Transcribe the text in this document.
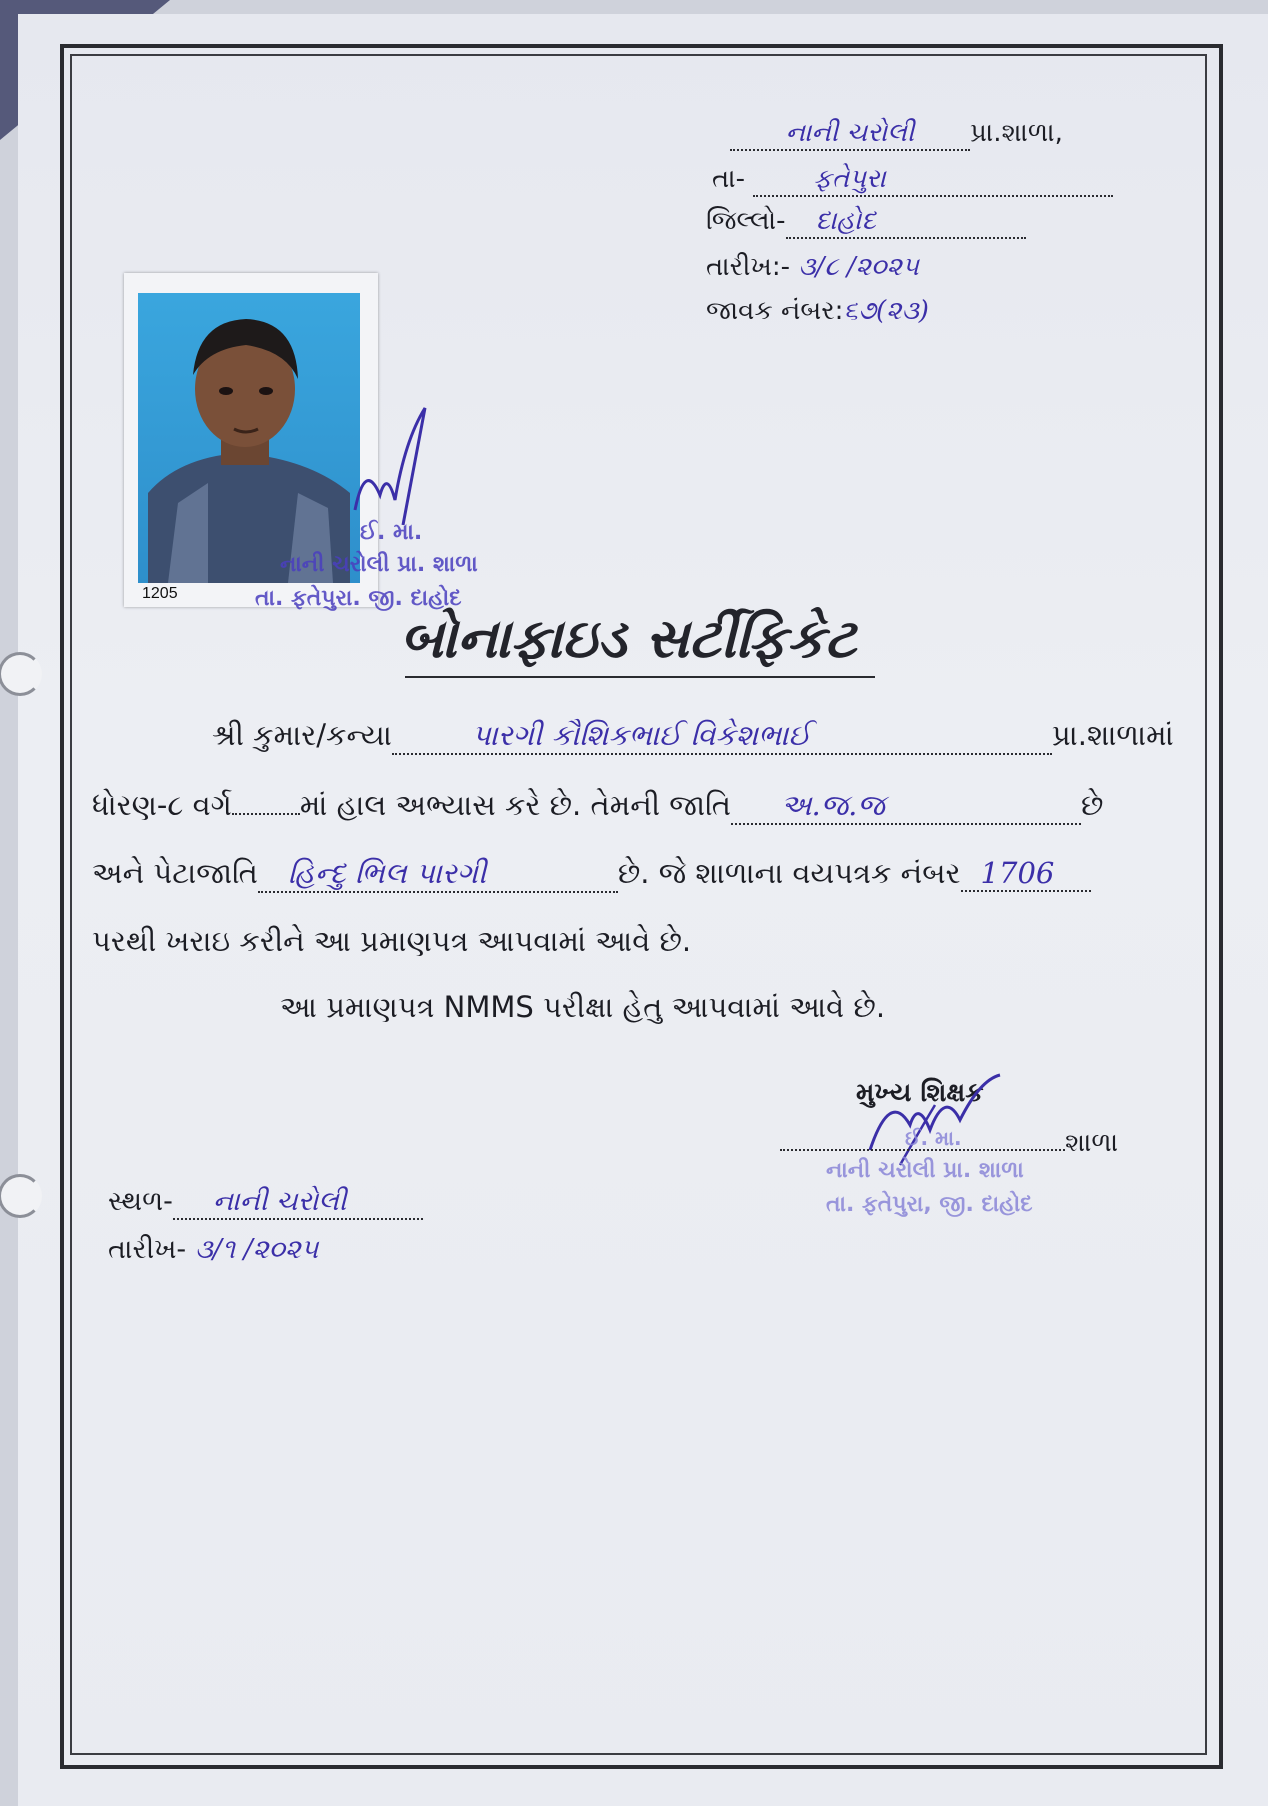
નાની ચરોલી પ્રા.શાળા,
તા-	ફતેપુરા
જિલ્લો- દાહોદ
તારીખ:- ૩/૮ /૨૦૨૫
જાવક નંબર:૬૭(૨૩)
1205
ઈ. મા.
નાની ચરોલી પ્રા. શાળા
તા. ફતેપુરા. જી. દાહોદ
બોનાફાઇડ સર્ટીફિકેટ
શ્રી કુમાર/કન્યા	પારગી કૌશિકભાઈ વિકેશભાઈ	પ્રા.શાળામાં
ધોરણ-૮ વર્ગ માં હાલ અભ્યાસ કરે છે. તેમની જાતિ અ.જ.જ	છે
અને પેટાજાતિ હિન્દુ ભિલ પારગી	છે. જે શાળાના વયપત્રક નંબર 1706
પરથી ખરાઇ કરીને આ પ્રમાણપત્ર આપવામાં આવે છે.
આ પ્રમાણપત્ર NMMS પરીક્ષા હેતુ આપવામાં આવે છે.
મુખ્ય શિક્ષક
શાળા
ઈ. મા.
નાની ચરોલી પ્રા. શાળા
તા. ફતેપુરા, જી. દાહોદ
સ્થળ- નાની ચરોલી
તારીખ- ૩/૧ /૨૦૨૫
